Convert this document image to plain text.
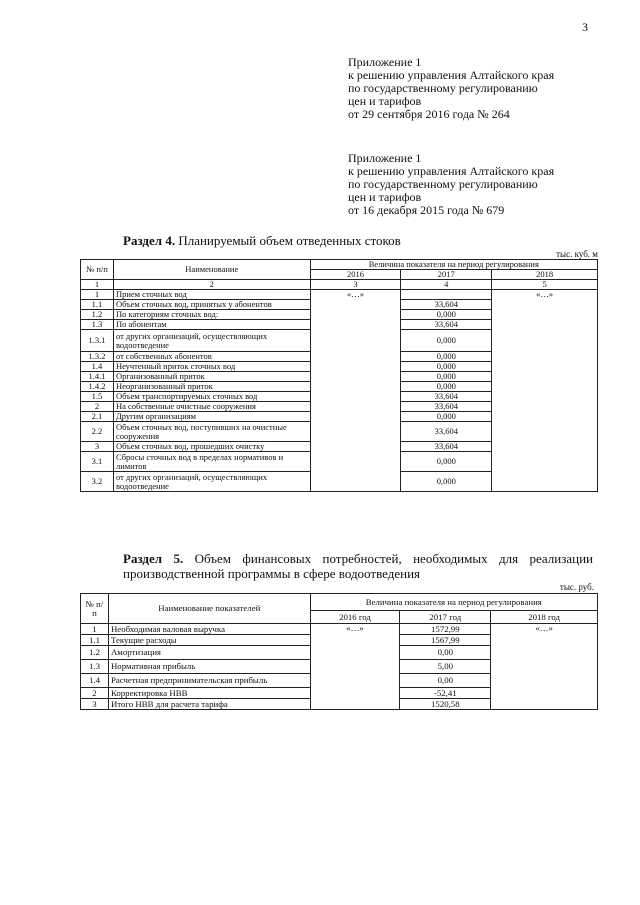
3
Приложение 1
к решению управления Алтайского края
по государственному регулированию
цен и тарифов
от 29 сентября 2016 года № 264
Приложение 1
к решению управления Алтайского края
по государственному регулированию
цен и тарифов
от 16 декабря 2015 года № 679
Раздел 4. Планируемый объем отведенных стоков
тыс. куб. м
№ п/п	Наименование	Величина показателя на период регулирования		
		2016	2017	2018
1	2	3	4	5
1	Прием сточных вод	«…»		«…»
1.1	Объем сточных вод, принятых у абонентов		33,604	
1.2	По категориям сточных вод:		0,000	
1.3	По абонентам		33,604	
1.3.1	от других организаций, осуществляющих водоотведение		0,000	
1.3.2	от собственных абонентов		0,000	
1.4	Неучтенный приток сточных вод		0,000	
1.4.1	Организованный приток		0,000	
1.4.2	Неорганизованный приток		0,000	
1.5	Объем транспортируемых сточных вод		33,604	
2	На собственные очистные сооружения		33,604	
2.1	Другим организациям		0,000	
2.2	Объем сточных вод, поступивших на очистные сооружения		33,604	
3	Объем сточных вод, прошедших очистку		33,604	
3.1	Сбросы сточных вод в пределах нормативов и лимитов		0,000	
3.2	от других организаций, осуществляющих водоотведение		0,000	
Раздел 5. Объем финансовых потребностей, необходимых для реализации производственной программы в сфере водоотведения
тыс. руб.
№ п/ п	Наименование показателей	Величина показателя на период регулирования		
		2016 год	2017 год	2018 год
1	Необходимая валовая выручка	«…»	1572,99	«…»
1.1	Текущие расходы		1567,99	
1.2	Амортизация		0,00	
1.3	Нормативная прибыль		5,00	
1.4	Расчетная предпринимательская прибыль		0,00	
2	Корректировка НВВ		-52,41	
3	Итого НВВ для расчета тарифа		1520,58	
